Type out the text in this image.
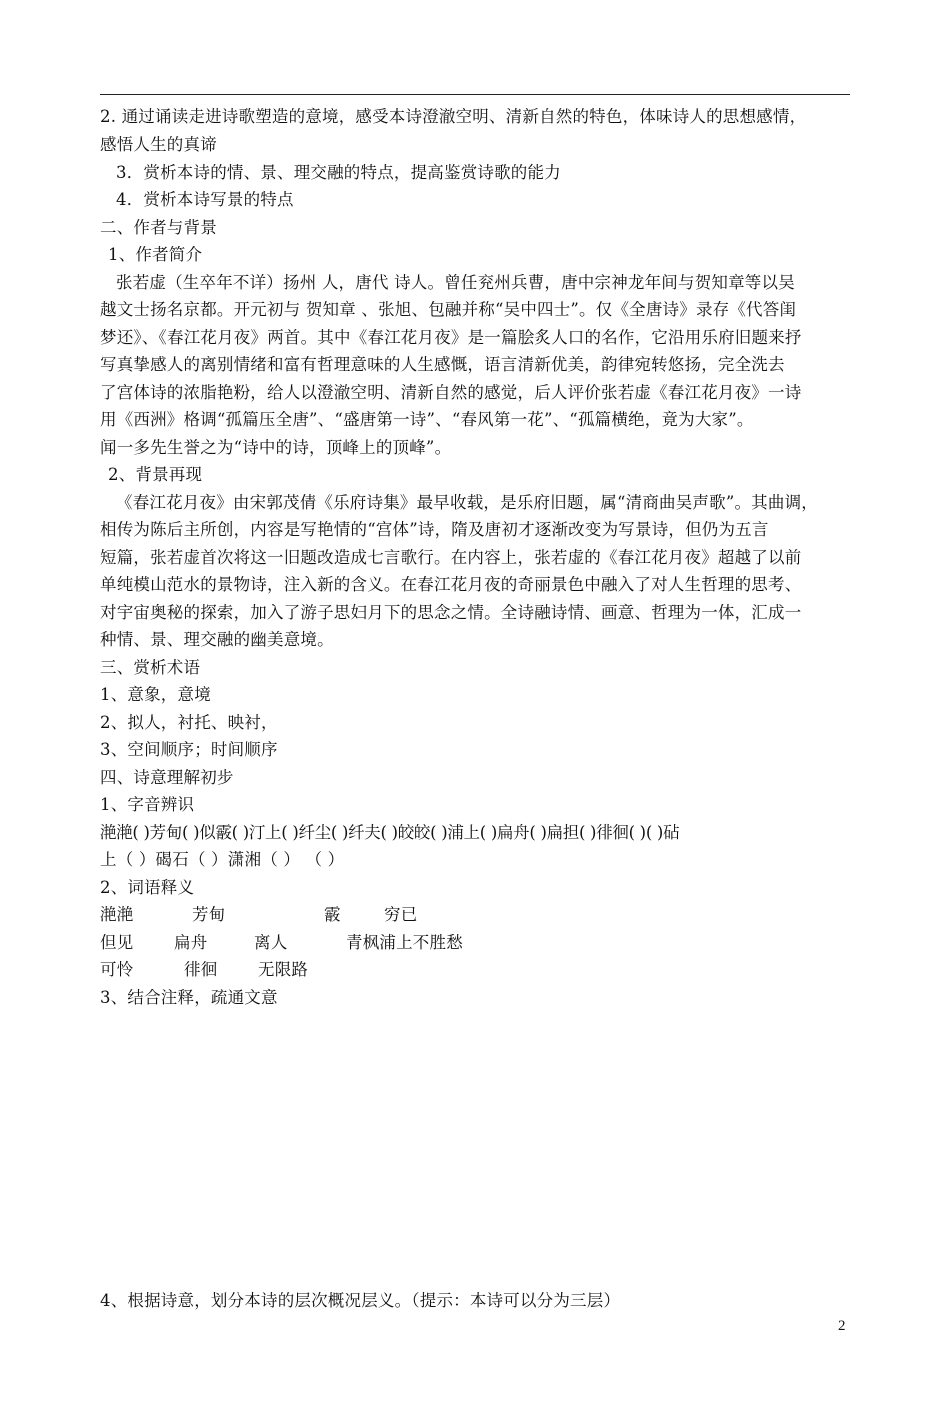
2. 通过诵读走进诗歌塑造的意境，感受本诗澄澈空明、清新自然的特色，体味诗人的思想感情，
感悟人生的真谛
3．赏析本诗的情、景、理交融的特点，提高鉴赏诗歌的能力
4．赏析本诗写景的特点
二、作者与背景
1、作者简介
张若虚（生卒年不详）扬州 人，唐代 诗人。曾任兖州兵曹，唐中宗神龙年间与贺知章等以吴
越文士扬名京都。开元初与 贺知章 、张旭、包融并称“吴中四士”。仅《全唐诗》录存《代答闺
梦还》、《春江花月夜》两首。其中《春江花月夜》是一篇脍炙人口的名作，它沿用乐府旧题来抒
写真挚感人的离别情绪和富有哲理意味的人生感慨，语言清新优美，韵律宛转悠扬，完全洗去
了宫体诗的浓脂艳粉，给人以澄澈空明、清新自然的感觉，后人评价张若虚《春江花月夜》一诗
用《西洲》格调“孤篇压全唐”、“盛唐第一诗”、“春风第一花”、“孤篇横绝，竟为大家”。
闻一多先生誉之为“诗中的诗，顶峰上的顶峰”。
2、背景再现
《春江花月夜》由宋郭茂倩《乐府诗集》最早收载，是乐府旧题，属“清商曲吴声歌”。其曲调，
相传为陈后主所创，内容是写艳情的“宫体”诗，隋及唐初才逐渐改变为写景诗，但仍为五言
短篇，张若虚首次将这一旧题改造成七言歌行。在内容上，张若虚的《春江花月夜》超越了以前
单纯模山范水的景物诗，注入新的含义。在春江花月夜的奇丽景色中融入了对人生哲理的思考、
对宇宙奥秘的探索，加入了游子思妇月下的思念之情。全诗融诗情、画意、哲理为一体，汇成一
种情、景、理交融的幽美意境。
三、赏析术语
1、意象，意境
2、拟人，衬托、映衬，
3、空间顺序；时间顺序
四、诗意理解初步
1、字音辨识
滟滟( )芳甸( )似霰( )汀上( )纤尘( )纤夫( )皎皎( )浦上( )扁舟( )扁担( )徘徊( )( )砧
上（ ）碣石（ ）潇湘（ ） （ ）
2、词语释义
滟滟	芳甸	霰	穷已
但见 扁舟	离人	青枫浦上不胜愁
可怜	徘徊 无限路
3、结合注释，疏通文意
4、根据诗意，划分本诗的层次概况层义。（提示：本诗可以分为三层）
2
